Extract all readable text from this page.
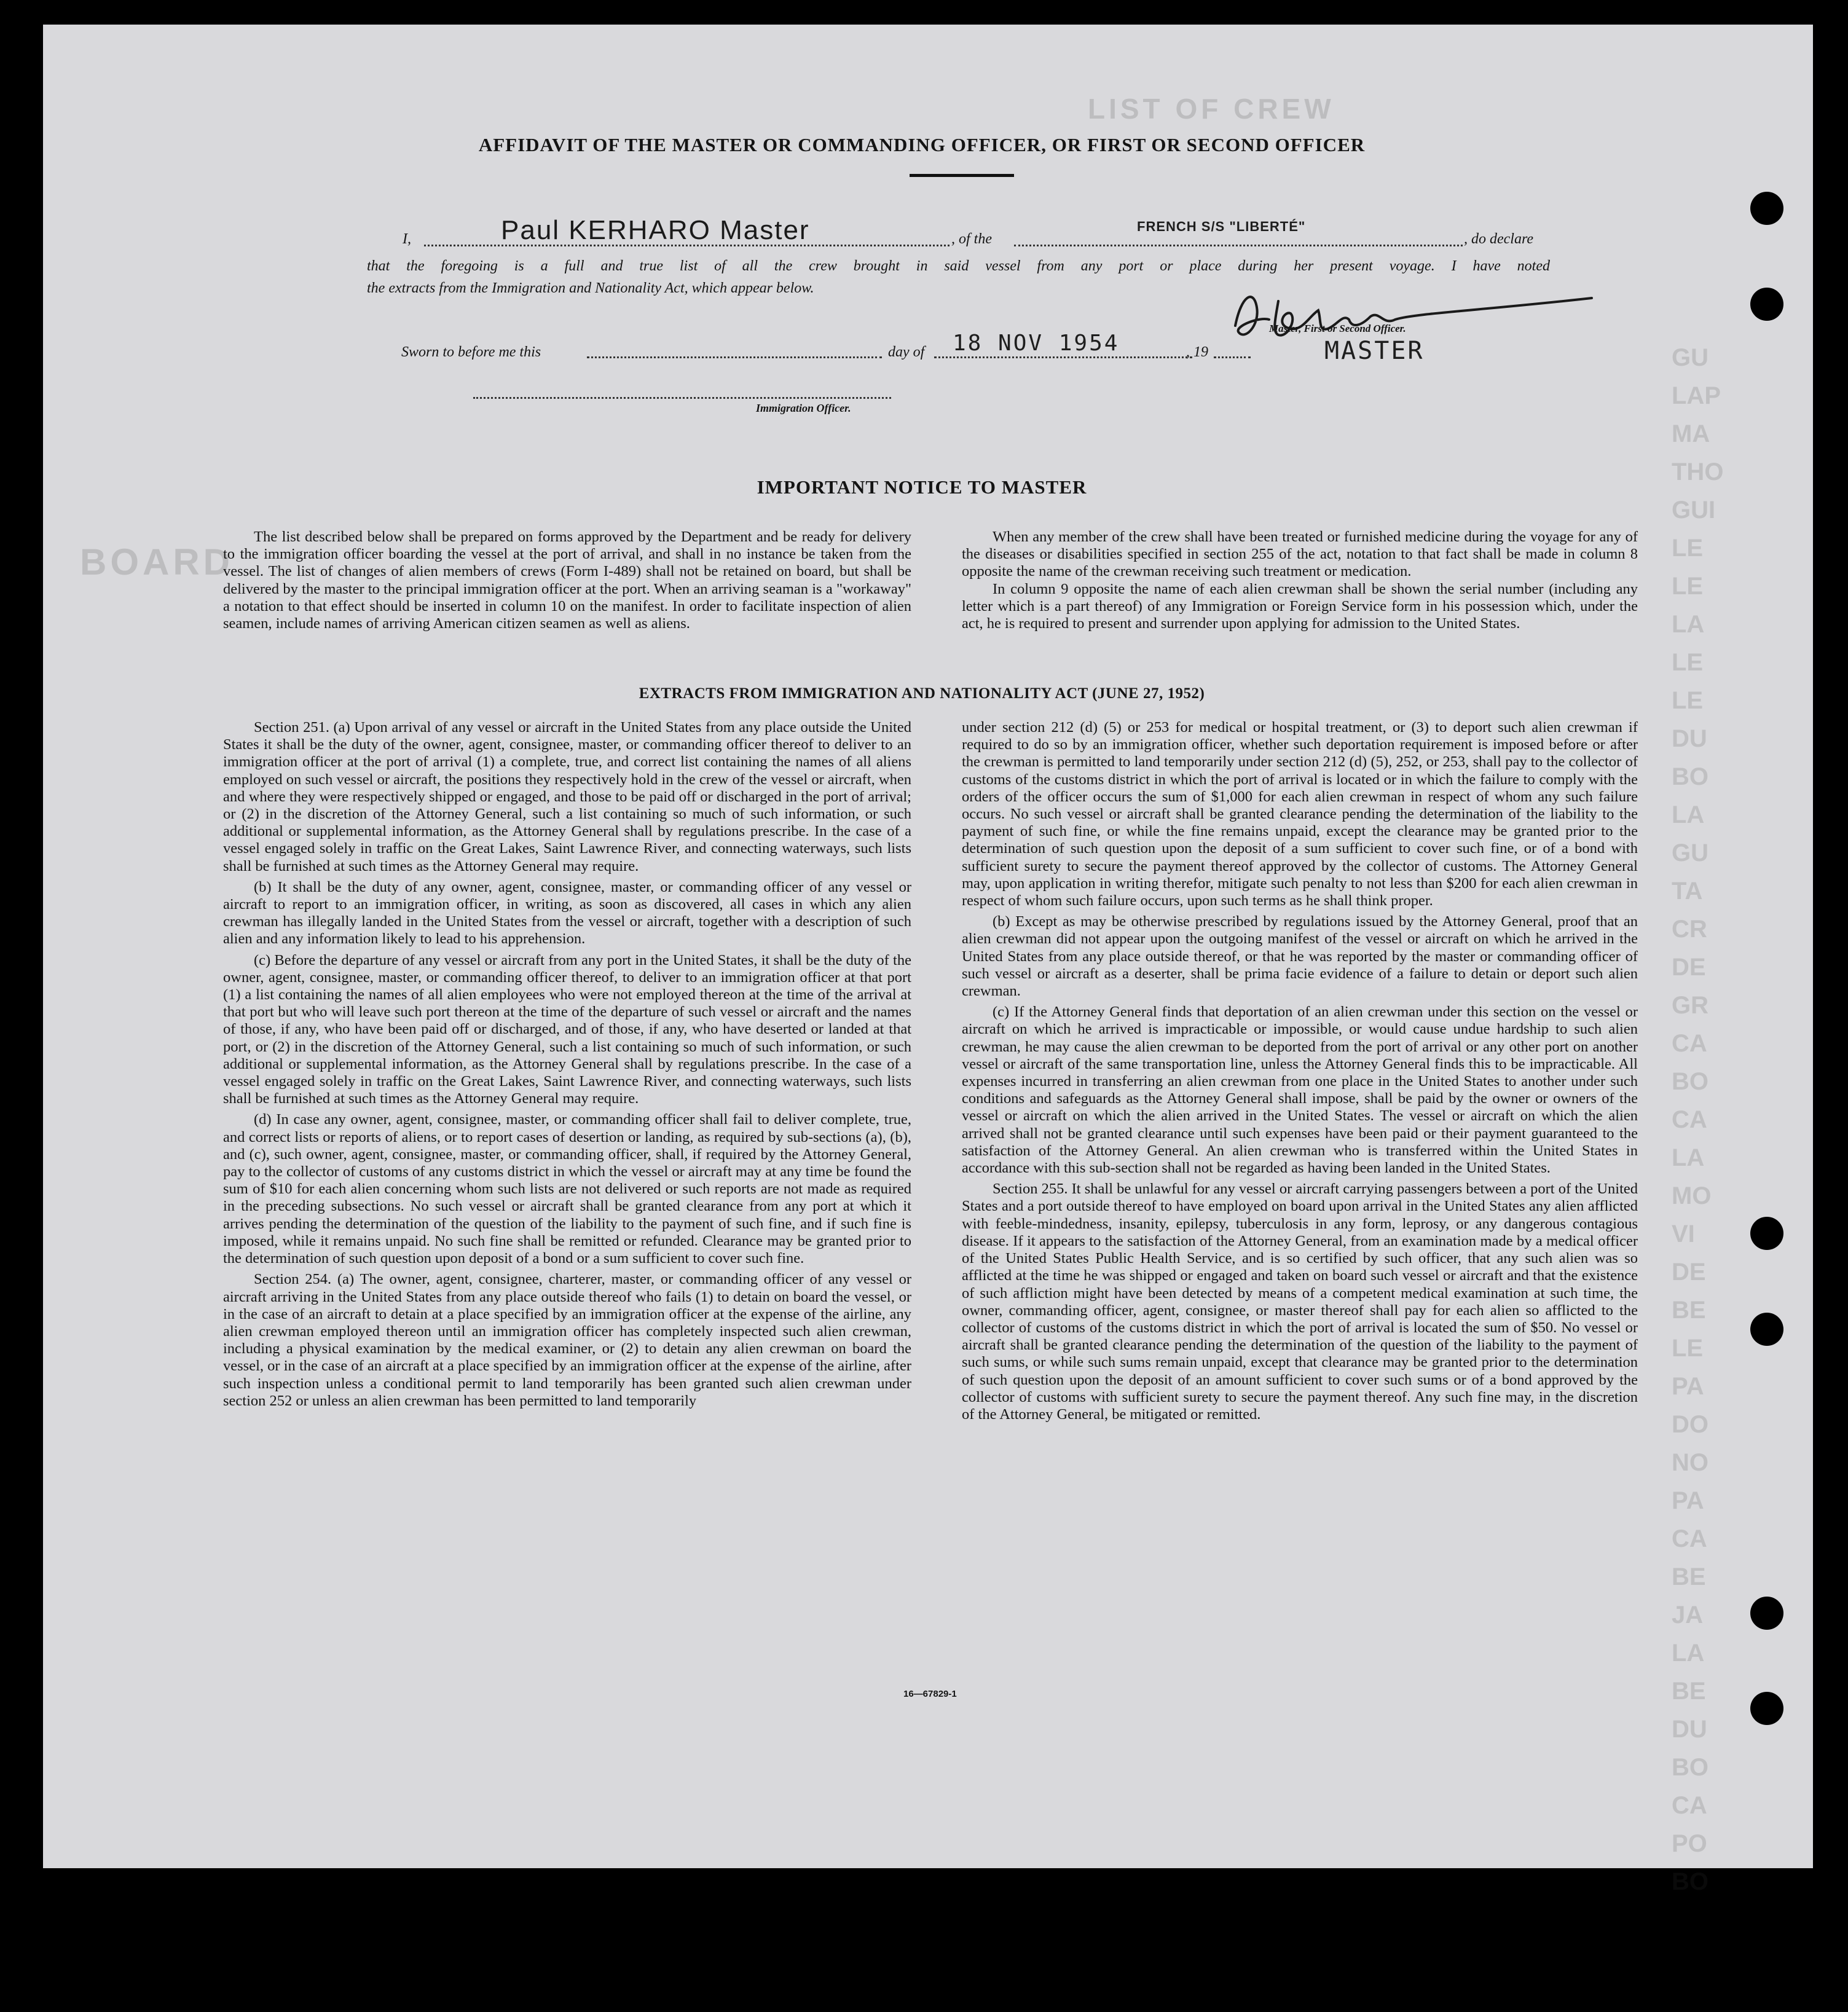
LIST OF CREW
BOARD
GU
LAP
MA
THO
GUI
LE
LE
LA
LE
LE
DU
BO
LA
GU
TA
CR
DE
GR
CA
BO
CA
LA
MO
VI
DE
BE
LE
PA
DO
NO
PA
CA
BE
JA
LA
BE
DU
BO
CA
PO
BO
AFFIDAVIT OF THE MASTER OR COMMANDING OFFICER, OR FIRST OR SECOND OFFICER
I,	Paul KERHARO Master	, of the
FRENCH S/S "LIBERTÉ"
, do declare
that the foregoing is a full and true list of all the crew brought in said vessel from any port or place during her present voyage. I have noted
the extracts from the Immigration and Nationality Act, which appear below.
Master, First or Second Officer.
MASTER
Sworn to before me this	day of 18 NOV 1954	, 19
Immigration Officer.
IMPORTANT NOTICE TO MASTER

The list described below shall be prepared on forms approved by the Department and be ready for delivery to the immigration officer boarding the vessel at the port of arrival, and shall in no instance be taken from the vessel. The list of changes of alien members of crews (Form I-489) shall not be retained on board, but shall be delivered by the master to the principal immigration officer at the port. When an arriving seaman is a "workaway" a notation to that effect should be inserted in column 10 on the manifest. In order to facilitate inspection of alien seamen, include names of arriving American citizen seamen as well as aliens.

When any member of the crew shall have been treated or furnished medicine during the voyage for any of the diseases or disabilities specified in section 255 of the act, notation to that fact shall be made in column 8 opposite the name of the crewman receiving such treatment or medication.

In column 9 opposite the name of each alien crewman shall be shown the serial number (including any letter which is a part thereof) of any Immigration or Foreign Service form in his possession which, under the act, he is required to present and surrender upon applying for admission to the United States.

EXTRACTS FROM IMMIGRATION AND NATIONALITY ACT (JUNE 27, 1952)

Section 251. (a) Upon arrival of any vessel or aircraft in the United States from any place outside the United States it shall be the duty of the owner, agent, consignee, master, or commanding officer thereof to deliver to an immigration officer at the port of arrival (1) a complete, true, and correct list containing the names of all aliens employed on such vessel or aircraft, the positions they respectively hold in the crew of the vessel or aircraft, when and where they were respectively shipped or engaged, and those to be paid off or discharged in the port of arrival; or (2) in the discretion of the Attorney General, such a list containing so much of such information, or such additional or supplemental information, as the Attorney General shall by regulations prescribe. In the case of a vessel engaged solely in traffic on the Great Lakes, Saint Lawrence River, and connecting waterways, such lists shall be furnished at such times as the Attorney General may require.

(b) It shall be the duty of any owner, agent, consignee, master, or commanding officer of any vessel or aircraft to report to an immigration officer, in writing, as soon as discovered, all cases in which any alien crewman has illegally landed in the United States from the vessel or aircraft, together with a description of such alien and any information likely to lead to his apprehension.

(c) Before the departure of any vessel or aircraft from any port in the United States, it shall be the duty of the owner, agent, consignee, master, or commanding officer thereof, to deliver to an immigration officer at that port (1) a list containing the names of all alien employees who were not employed thereon at the time of the arrival at that port but who will leave such port thereon at the time of the departure of such vessel or aircraft and the names of those, if any, who have been paid off or discharged, and of those, if any, who have deserted or landed at that port, or (2) in the discretion of the Attorney General, such a list containing so much of such information, or such additional or supplemental information, as the Attorney General shall by regulations prescribe. In the case of a vessel engaged solely in traffic on the Great Lakes, Saint Lawrence River, and connecting waterways, such lists shall be furnished at such times as the Attorney General may require.

(d) In case any owner, agent, consignee, master, or commanding officer shall fail to deliver complete, true, and correct lists or reports of aliens, or to report cases of desertion or landing, as required by sub-sections (a), (b), and (c), such owner, agent, consignee, master, or commanding officer, shall, if required by the Attorney General, pay to the collector of customs of any customs district in which the vessel or aircraft may at any time be found the sum of $10 for each alien concerning whom such lists are not delivered or such reports are not made as required in the preceding subsections. No such vessel or aircraft shall be granted clearance from any port at which it arrives pending the determination of the question of the liability to the payment of such fine, and if such fine is imposed, while it remains unpaid. No such fine shall be remitted or refunded. Clearance may be granted prior to the determination of such question upon deposit of a bond or a sum sufficient to cover such fine.

Section 254. (a) The owner, agent, consignee, charterer, master, or commanding officer of any vessel or aircraft arriving in the United States from any place outside thereof who fails (1) to detain on board the vessel, or in the case of an aircraft to detain at a place specified by an immigration officer at the expense of the airline, any alien crewman employed thereon until an immigration officer has completely inspected such alien crewman, including a physical examination by the medical examiner, or (2) to detain any alien crewman on board the vessel, or in the case of an aircraft at a place specified by an immigration officer at the expense of the airline, after such inspection unless a conditional permit to land temporarily has been granted such alien crewman under section 252 or unless an alien crewman has been permitted to land temporarily

under section 212 (d) (5) or 253 for medical or hospital treatment, or (3) to deport such alien crewman if required to do so by an immigration officer, whether such deportation requirement is imposed before or after the crewman is permitted to land temporarily under section 212 (d) (5), 252, or 253, shall pay to the collector of customs of the customs district in which the port of arrival is located or in which the failure to comply with the orders of the officer occurs the sum of $1,000 for each alien crewman in respect of whom any such failure occurs. No such vessel or aircraft shall be granted clearance pending the determination of the liability to the payment of such fine, or while the fine remains unpaid, except the clearance may be granted prior to the determination of such question upon the deposit of a sum sufficient to cover such fine, or of a bond with sufficient surety to secure the payment thereof approved by the collector of customs. The Attorney General may, upon application in writing therefor, mitigate such penalty to not less than $200 for each alien crewman in respect of whom such failure occurs, upon such terms as he shall think proper.

(b) Except as may be otherwise prescribed by regulations issued by the Attorney General, proof that an alien crewman did not appear upon the outgoing manifest of the vessel or aircraft on which he arrived in the United States from any place outside thereof, or that he was reported by the master or commanding officer of such vessel or aircraft as a deserter, shall be prima facie evidence of a failure to detain or deport such alien crewman.

(c) If the Attorney General finds that deportation of an alien crewman under this section on the vessel or aircraft on which he arrived is impracticable or impossible, or would cause undue hardship to such alien crewman, he may cause the alien crewman to be deported from the port of arrival or any other port on another vessel or aircraft of the same transportation line, unless the Attorney General finds this to be impracticable. All expenses incurred in transferring an alien crewman from one place in the United States to another under such conditions and safeguards as the Attorney General shall impose, shall be paid by the owner or owners of the vessel or aircraft on which the alien arrived in the United States. The vessel or aircraft on which the alien arrived shall not be granted clearance until such expenses have been paid or their payment guaranteed to the satisfaction of the Attorney General. An alien crewman who is transferred within the United States in accordance with this sub-section shall not be regarded as having been landed in the United States.

Section 255. It shall be unlawful for any vessel or aircraft carrying passengers between a port of the United States and a port outside thereof to have employed on board upon arrival in the United States any alien afflicted with feeble-mindedness, insanity, epilepsy, tuberculosis in any form, leprosy, or any dangerous contagious disease. If it appears to the satisfaction of the Attorney General, from an examination made by a medical officer of the United States Public Health Service, and is so certified by such officer, that any such alien was so afflicted at the time he was shipped or engaged and taken on board such vessel or aircraft and that the existence of such affliction might have been detected by means of a competent medical examination at such time, the owner, commanding officer, agent, consignee, or master thereof shall pay for each alien so afflicted to the collector of customs of the customs district in which the port of arrival is located the sum of $50. No vessel or aircraft shall be granted clearance pending the determination of the question of the liability to the payment of such sums, or while such sums remain unpaid, except that clearance may be granted prior to the determination of such question upon the deposit of an amount sufficient to cover such sums or of a bond approved by the collector of customs with sufficient surety to secure the payment thereof. Any such fine may, in the discretion of the Attorney General, be mitigated or remitted.

16—67829-1
